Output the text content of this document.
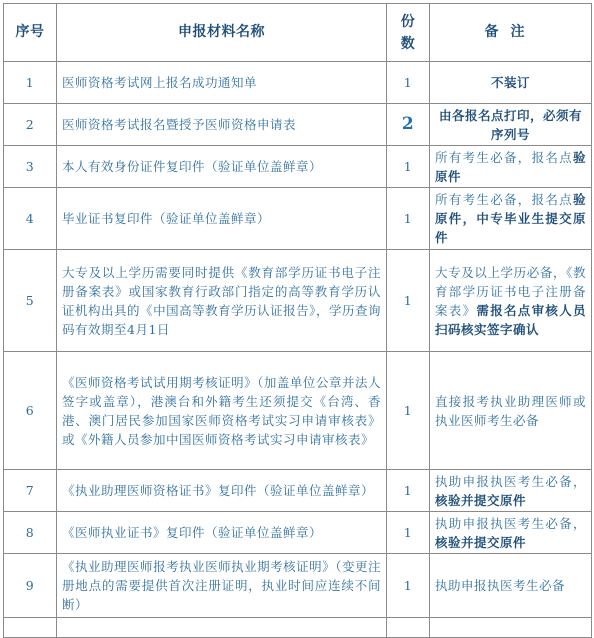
序号	申报材料名称	份数	备注
1	医师资格考试网上报名成功通知单	1	不装订
2	医师资格考试报名暨授予医师资格申请表	2	由各报名点打印，必须有序列号
3	本人有效身份证件复印件（验证单位盖鲜章）	1	所有考生必备，报名点验原件
4	毕业证书复印件（验证单位盖鲜章）	1	所有考生必备，报名点验原件，中专毕业生提交原件
5	大专及以上学历需要同时提供《教育部学历证书电子注册备案表》或国家教育行政部门指定的高等教育学历认证机构出具的《中国高等教育学历认证报告》，学历查询码有效期至4月1日	1	大专及以上学历必备，《教育部学历证书电子注册备案表》需报名点审核人员扫码核实签字确认
6	《医师资格考试试用期考核证明》（加盖单位公章并法人签字或盖章），港澳台和外籍考生还须提交《台湾、香港、澳门居民参加国家医师资格考试实习申请审核表》或《外籍人员参加中国医师资格考试实习申请审核表》	1	直接报考执业助理医师或执业医师考生必备
7	《执业助理医师资格证书》复印件（验证单位盖鲜章）	1	执助申报执医考生必备，核验并提交原件
8	《医师执业证书》复印件（验证单位盖鲜章）	1	执助申报执医考生必备，核验并提交原件
9	《执业助理医师报考执业医师执业期考核证明》（变更注册地点的需要提供首次注册证明，执业时间应连续不间断）	1	执助申报执医考生必备
